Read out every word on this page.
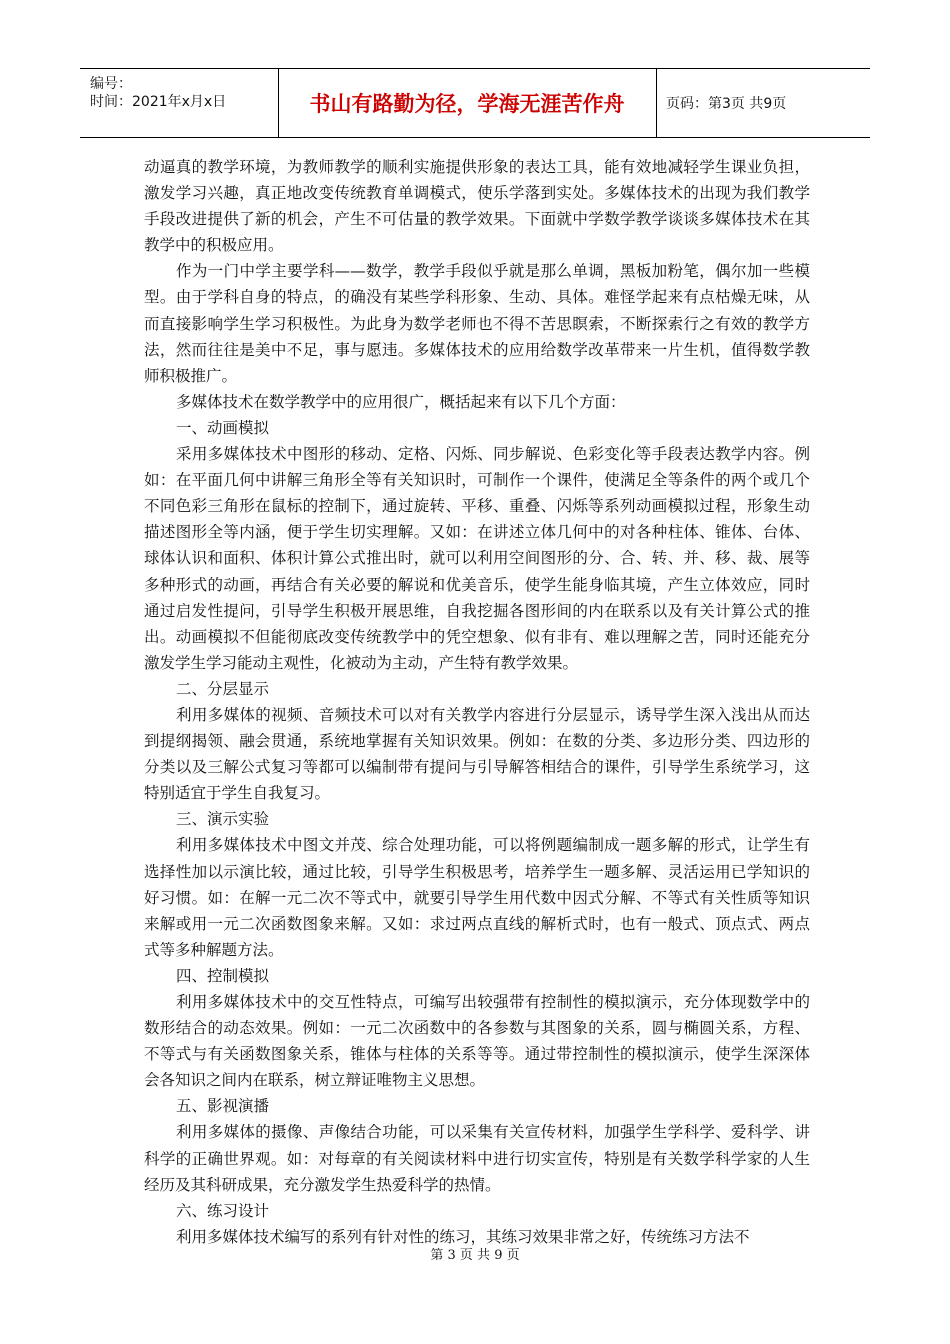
编号：
时间：2021年x月x日	书山有路勤为径，学海无涯苦作舟	页码：第3页 共9页

动逼真的教学环境，为教师教学的顺利实施提供形象的表达工具，能有效地减轻学生课业负担，激发学习兴趣，真正地改变传统教育单调模式，使乐学落到实处。多媒体技术的出现为我们教学手段改进提供了新的机会，产生不可估量的教学效果。下面就中学数学教学谈谈多媒体技术在其教学中的积极应用。

作为一门中学主要学科——数学，教学手段似乎就是那么单调，黑板加粉笔，偶尔加一些模型。由于学科自身的特点，的确没有某些学科形象、生动、具体。难怪学起来有点枯燥无味，从而直接影响学生学习积极性。为此身为数学老师也不得不苦思瞑索，不断探索行之有效的教学方法，然而往往是美中不足，事与愿违。多媒体技术的应用给数学改革带来一片生机，值得数学教师积极推广。

多媒体技术在数学教学中的应用很广，概括起来有以下几个方面：

一、动画模拟

采用多媒体技术中图形的移动、定格、闪烁、同步解说、色彩变化等手段表达教学内容。例如：在平面几何中讲解三角形全等有关知识时，可制作一个课件，使满足全等条件的两个或几个不同色彩三角形在鼠标的控制下，通过旋转、平移、重叠、闪烁等系列动画模拟过程，形象生动描述图形全等内涵，便于学生切实理解。又如：在讲述立体几何中的对各种柱体、锥体、台体、球体认识和面积、体积计算公式推出时，就可以利用空间图形的分、合、转、并、移、裁、展等多种形式的动画，再结合有关必要的解说和优美音乐，使学生能身临其境，产生立体效应，同时通过启发性提问，引导学生积极开展思维，自我挖掘各图形间的内在联系以及有关计算公式的推出。动画模拟不但能彻底改变传统教学中的凭空想象、似有非有、难以理解之苦，同时还能充分激发学生学习能动主观性，化被动为主动，产生特有教学效果。

二、分层显示

利用多媒体的视频、音频技术可以对有关教学内容进行分层显示，诱导学生深入浅出从而达到提纲揭领、融会贯通，系统地掌握有关知识效果。例如：在数的分类、多边形分类、四边形的分类以及三解公式复习等都可以编制带有提问与引导解答相结合的课件，引导学生系统学习，这特别适宜于学生自我复习。

三、演示实验

利用多媒体技术中图文并茂、综合处理功能，可以将例题编制成一题多解的形式，让学生有选择性加以示演比较，通过比较，引导学生积极思考，培养学生一题多解、灵活运用已学知识的好习惯。如：在解一元二次不等式中，就要引导学生用代数中因式分解、不等式有关性质等知识来解或用一元二次函数图象来解。又如：求过两点直线的解析式时，也有一般式、顶点式、两点式等多种解题方法。

四、控制模拟

利用多媒体技术中的交互性特点，可编写出较强带有控制性的模拟演示，充分体现数学中的数形结合的动态效果。例如：一元二次函数中的各参数与其图象的关系，圆与椭圆关系，方程、不等式与有关函数图象关系，锥体与柱体的关系等等。通过带控制性的模拟演示，使学生深深体会各知识之间内在联系，树立辩证唯物主义思想。

五、影视演播

利用多媒体的摄像、声像结合功能，可以采集有关宣传材料，加强学生学科学、爱科学、讲科学的正确世界观。如：对每章的有关阅读材料中进行切实宣传，特别是有关数学科学家的人生经历及其科研成果，充分激发学生热爱科学的热情。

六、练习设计

利用多媒体技术编写的系列有针对性的练习，其练习效果非常之好，传统练习方法不

第 3 页 共 9 页
